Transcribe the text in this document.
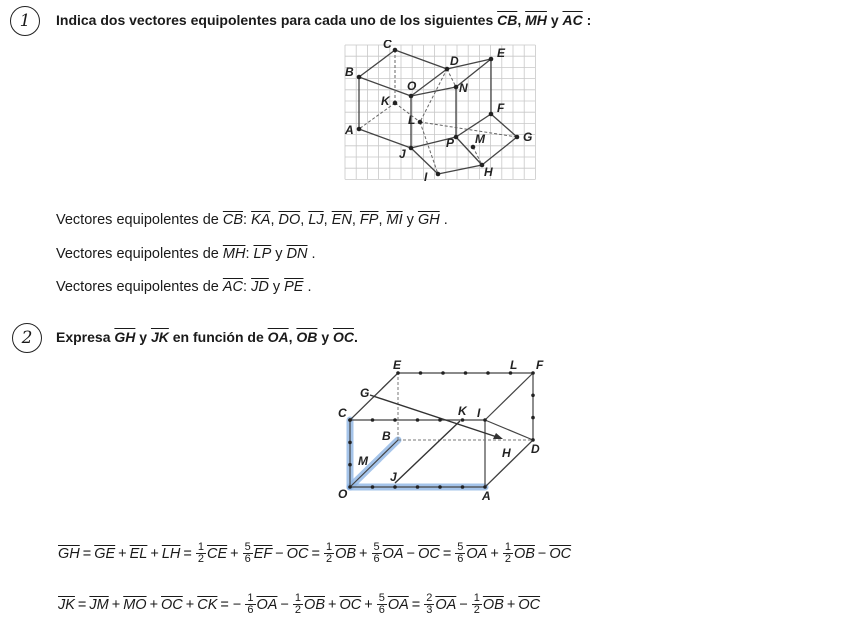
1	Indica dos vectores equipolentes para cada uno de los siguientes $\overline{CB}$, $\overline{MH}$ y $\overline{AC}$ :
C
D
E
B
O	N
K
L
F
A
M	G
P
J
I	H
Vectores equipolentes de $\overline{CB}$: $\overline{KA}$, $\overline{DO}$, $\overline{LJ}$, $\overline{EN}$, $\overline{FP}$, $\overline{MI}$ y $\overline{GH}$ .
Vectores equipolentes de $\overline{MH}$: $\overline{LP}$ y $\overline{DN}$ .
Vectores equipolentes de $\overline{AC}$: $\overline{JD}$ y $\overline{PE}$ .
2	Expresa $\overline{GH}$ y $\overline{JK}$ en función de $\overline{OA}$, $\overline{OB}$ y $\overline{OC}$.
E	L F
G
C	K I
B
D
M
H
J
O	A
$\overline{GH} = \overline{GE} + \overline{EL} + \overline{LH} = \frac{1}{2} \overline{CE} + \frac{5}{6} \overline{EF} - \overline{OC} = \frac{1}{2} \overline{OB} + \frac{5}{6} \overline{OA} - \overline{OC} = \frac{5}{6} \overline{OA} + \frac{1}{2} \overline{OB} - \overline{OC}$
$\overline{JK} = \overline{JM} + \overline{MO} + \overline{OC} + \overline{CK}$ = − $\frac{1}{6} \overline{OA} - \frac{1}{2} \overline{OB} + \overline{OC} + \frac{5}{6} \overline{OA} = \frac{2}{3} \overline{OA} - \frac{1}{2} \overline{OB} + \overline{OC}$
